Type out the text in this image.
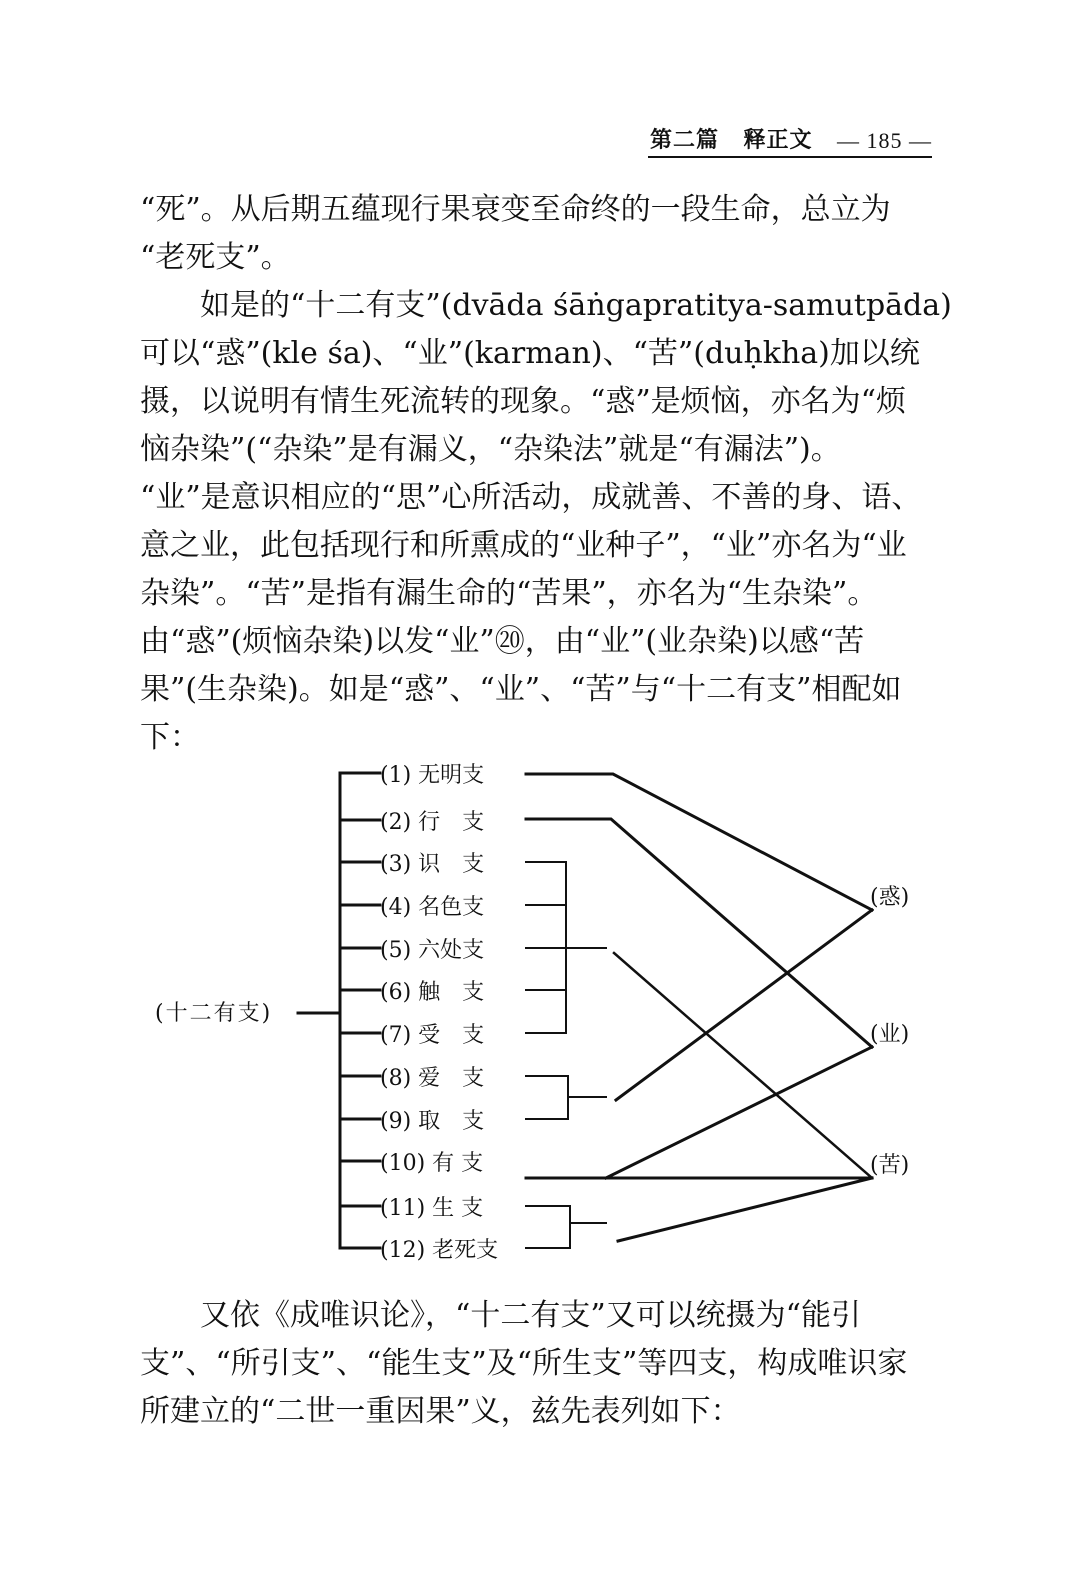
第二篇 释正文 — 185 —
“死”。从后期五蕴现行果衰变至命终的一段生命，总立为
“老死支”。
如是的“十二有支”(dvāda śāṅgapratitya-samutpāda)
可以“惑”(kle śa)、“业”(karman)、“苦”(duḥkha)加以统
摄，以说明有情生死流转的现象。“惑”是烦恼，亦名为“烦
恼杂染”(“杂染”是有漏义，“杂染法”就是“有漏法”)。
“业”是意识相应的“思”心所活动，成就善、不善的身、语、
意之业，此包括现行和所熏成的“业种子”，“业”亦名为“业
杂染”。“苦”是指有漏生命的“苦果”，亦名为“生杂染”。
由“惑”(烦恼杂染)以发“业”⑳，由“业”(业杂染)以感“苦
果”(生杂染)。如是“惑”、“业”、“苦”与“十二有支”相配如
下：
(十二有支)
(1) 无明支
(2) 行　支
(3) 识　支
(4) 名色支
(5) 六处支
(6) 触　支
(7) 受　支
(8) 爱　支
(9) 取　支
(10) 有 支
(11) 生 支
(12) 老死支
(惑)
(业)
(苦)
又依《成唯识论》，“十二有支”又可以统摄为“能引
支”、“所引支”、“能生支”及“所生支”等四支，构成唯识家
所建立的“二世一重因果”义，兹先表列如下：
